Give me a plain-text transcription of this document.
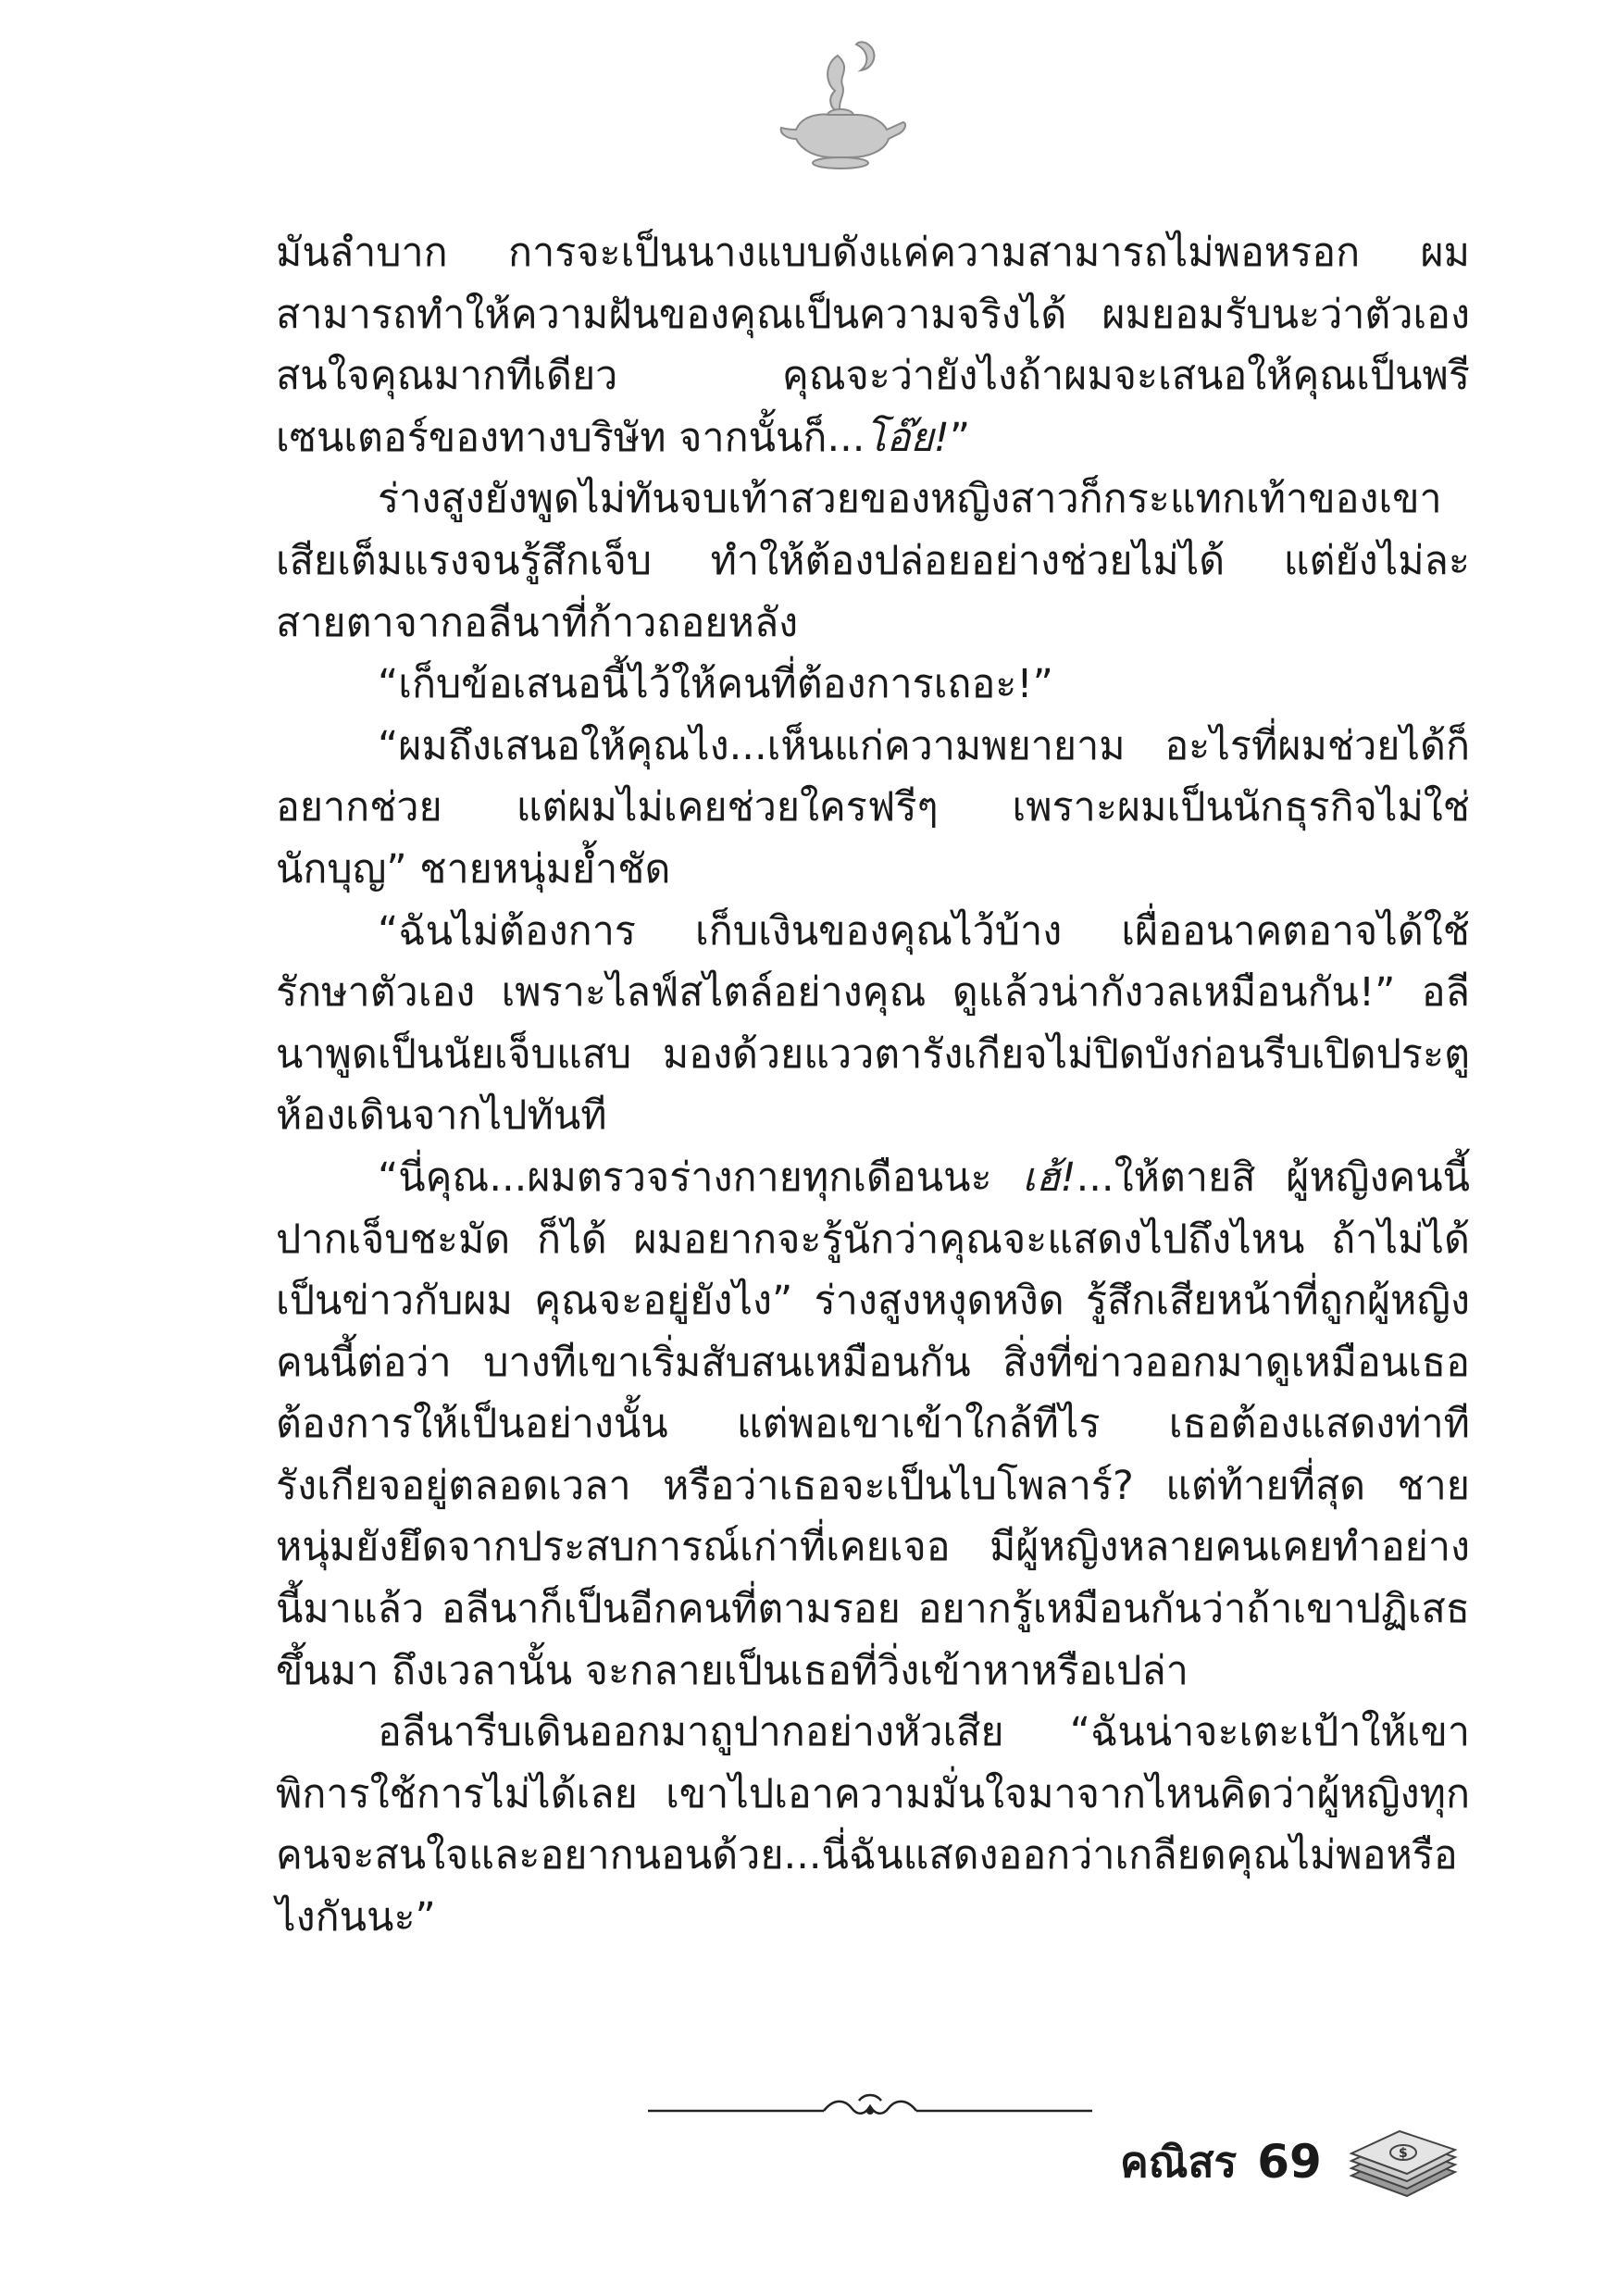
มันลำบาก การจะเป็นนางแบบดังแค่ความสามารถไม่พอหรอก ผมสามารถทำให้ความฝันของคุณเป็นความจริงได้ ผมยอมรับนะว่าตัวเองสนใจคุณมากทีเดียว คุณจะว่ายังไงถ้าผมจะเสนอให้คุณเป็นพรีเซนเตอร์ของทางบริษัท จากนั้นก็...โอ๊ย!”

ร่างสูงยังพูดไม่ทันจบเท้าสวยของหญิงสาวก็กระแทกเท้าของเขาเสียเต็มแรงจนรู้สึกเจ็บ ทำให้ต้องปล่อยอย่างช่วยไม่ได้ แต่ยังไม่ละสายตาจากอลีนาที่ก้าวถอยหลัง

“เก็บข้อเสนอนี้ไว้ให้คนที่ต้องการเถอะ!”

“ผมถึงเสนอให้คุณไง...เห็นแก่ความพยายาม อะไรที่ผมช่วยได้ก็อยากช่วย แต่ผมไม่เคยช่วยใครฟรีๆ เพราะผมเป็นนักธุรกิจไม่ใช่นักบุญ” ชายหนุ่มย้ำชัด

“ฉันไม่ต้องการ เก็บเงินของคุณไว้บ้าง เผื่ออนาคตอาจได้ใช้รักษาตัวเอง เพราะไลฟ์สไตล์อย่างคุณ ดูแล้วน่ากังวลเหมือนกัน!” อลีนาพูดเป็นนัยเจ็บแสบ มองด้วยแววตารังเกียจไม่ปิดบังก่อนรีบเปิดประตูห้องเดินจากไปทันที

“นี่คุณ...ผมตรวจร่างกายทุกเดือนนะ เฮ้!...ให้ตายสิ ผู้หญิงคนนี้ปากเจ็บชะมัด ก็ได้ ผมอยากจะรู้นักว่าคุณจะแสดงไปถึงไหน ถ้าไม่ได้เป็นข่าวกับผม คุณจะอยู่ยังไง” ร่างสูงหงุดหงิด รู้สึกเสียหน้าที่ถูกผู้หญิงคนนี้ต่อว่า บางทีเขาเริ่มสับสนเหมือนกัน สิ่งที่ข่าวออกมาดูเหมือนเธอต้องการให้เป็นอย่างนั้น แต่พอเขาเข้าใกล้ทีไร เธอต้องแสดงท่าทีรังเกียจอยู่ตลอดเวลา หรือว่าเธอจะเป็นไบโพลาร์? แต่ท้ายที่สุด ชายหนุ่มยังยึดจากประสบการณ์เก่าที่เคยเจอ มีผู้หญิงหลายคนเคยทำอย่างนี้มาแล้ว อลีนาก็เป็นอีกคนที่ตามรอย อยากรู้เหมือนกันว่าถ้าเขาปฏิเสธขึ้นมา ถึงเวลานั้น จะกลายเป็นเธอที่วิ่งเข้าหาหรือเปล่า

อลีนารีบเดินออกมาถูปากอย่างหัวเสีย “ฉันน่าจะเตะเป้าให้เขาพิการใช้การไม่ได้เลย เขาไปเอาความมั่นใจมาจากไหนคิดว่าผู้หญิงทุกคนจะสนใจและอยากนอนด้วย...นี่ฉันแสดงออกว่าเกลียดคุณไม่พอหรือไงกันนะ”

คณิสร 69	$
